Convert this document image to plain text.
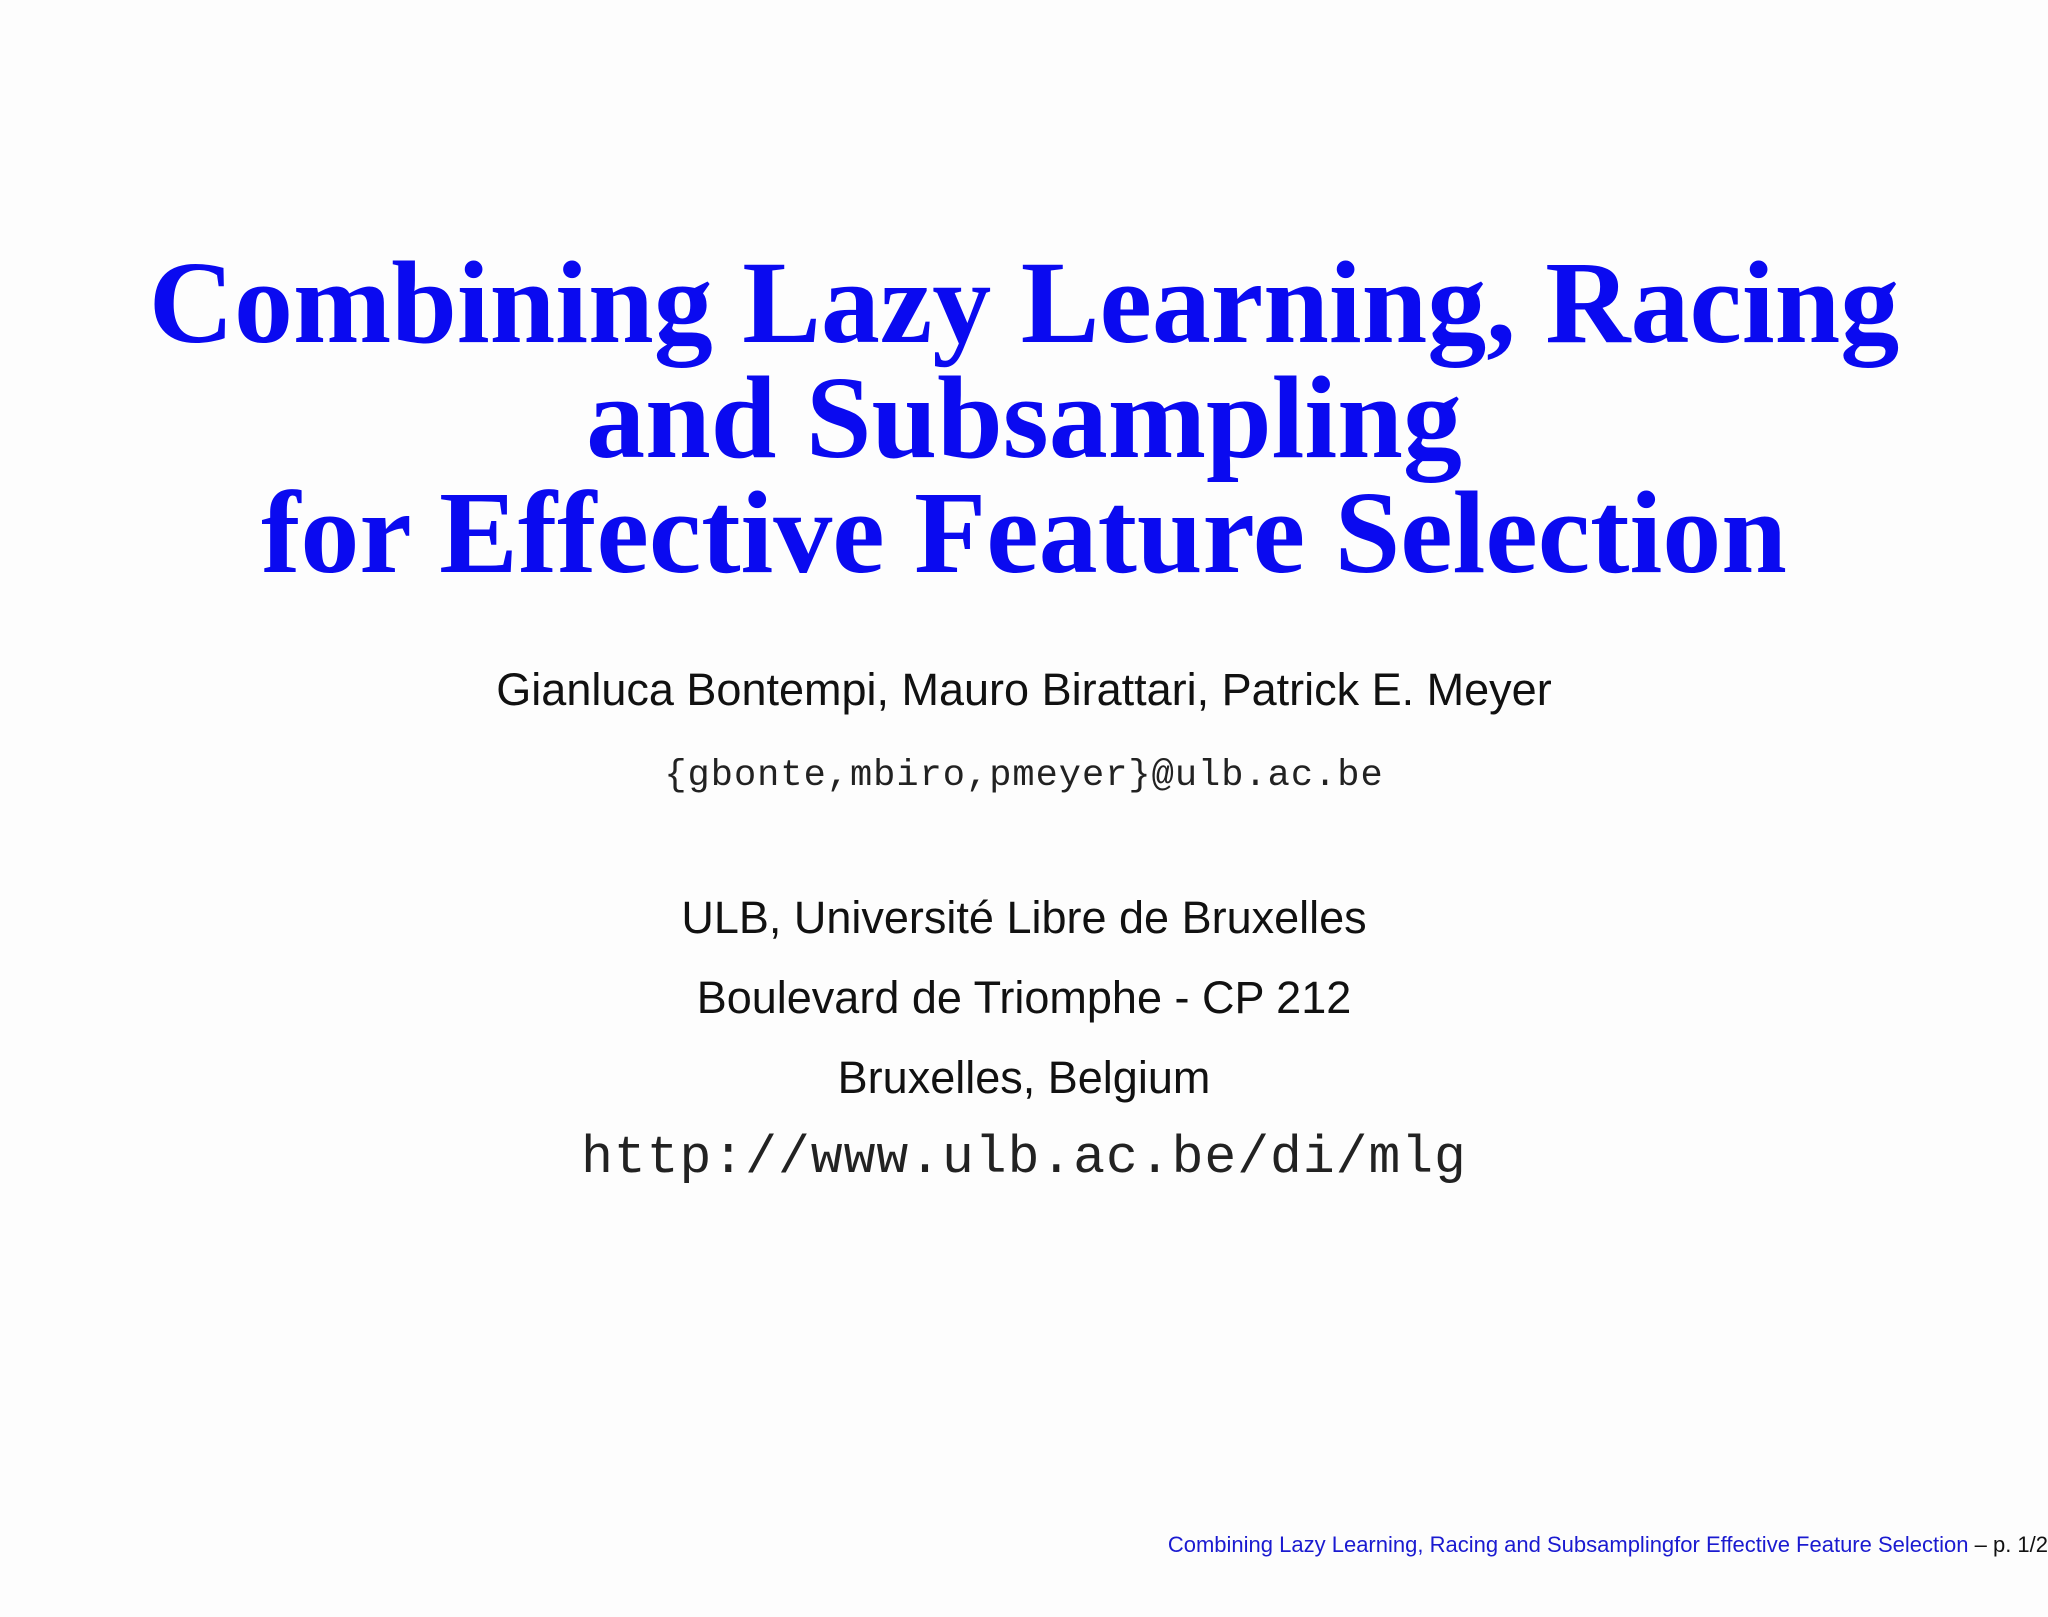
Combining Lazy Learning, Racing
and Subsampling
for Effective Feature Selection
Gianluca Bontempi, Mauro Birattari, Patrick E. Meyer
{gbonte,mbiro,pmeyer}@ulb.ac.be
ULB, Université Libre de Bruxelles
Boulevard de Triomphe - CP 212
Bruxelles, Belgium
http://www.ulb.ac.be/di/mlg
Combining Lazy Learning, Racing and Subsamplingfor Effective Feature Selection – p. 1/2
